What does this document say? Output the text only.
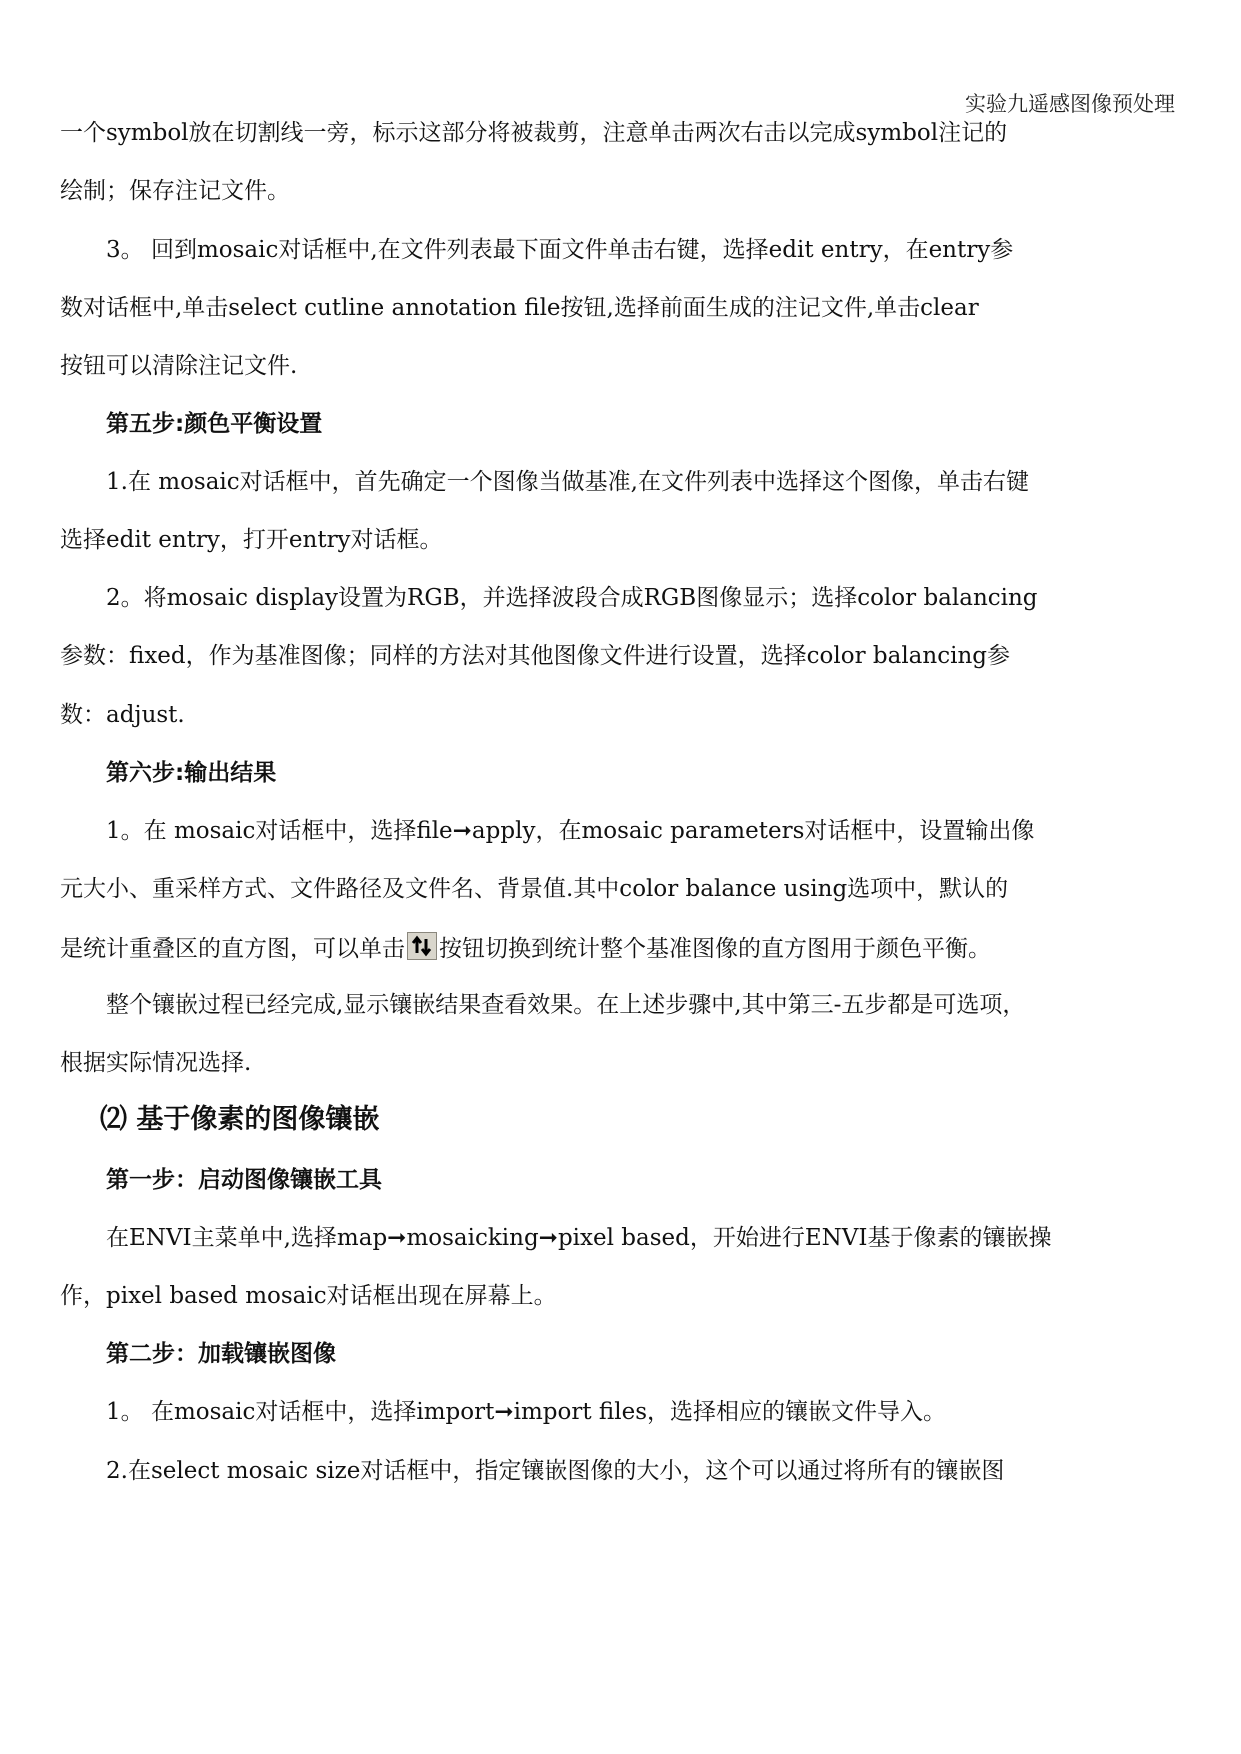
实验九遥感图像预处理
一个symbol放在切割线一旁，标示这部分将被裁剪，注意单击两次右击以完成symbol注记的
绘制；保存注记文件。
3。 回到mosaic对话框中,在文件列表最下面文件单击右键，选择edit entry，在entry参
数对话框中,单击select cutline annotation file按钮,选择前面生成的注记文件,单击clear
按钮可以清除注记文件.
第五步:颜色平衡设置
1.在 mosaic对话框中，首先确定一个图像当做基准,在文件列表中选择这个图像，单击右键
选择edit entry，打开entry对话框。
2。将mosaic display设置为RGB，并选择波段合成RGB图像显示；选择color balancing
参数：fixed，作为基准图像；同样的方法对其他图像文件进行设置，选择color balancing参
数：adjust.
第六步:输出结果
1。在 mosaic对话框中，选择file➞apply，在mosaic parameters对话框中，设置输出像
元大小、重采样方式、文件路径及文件名、背景值.其中color balance using选项中，默认的
是统计重叠区的直方图，可以单击 按钮切换到统计整个基准图像的直方图用于颜色平衡。
整个镶嵌过程已经完成,显示镶嵌结果查看效果。在上述步骤中,其中第三-五步都是可选项，
根据实际情况选择.
⑵ 基于像素的图像镶嵌
第一步：启动图像镶嵌工具
在ENVI主菜单中,选择map➞mosaicking➞pixel based，开始进行ENVI基于像素的镶嵌操
作，pixel based mosaic对话框出现在屏幕上。
第二步：加载镶嵌图像
1。 在mosaic对话框中，选择import➞import files，选择相应的镶嵌文件导入。
2.在select mosaic size对话框中，指定镶嵌图像的大小，这个可以通过将所有的镶嵌图
